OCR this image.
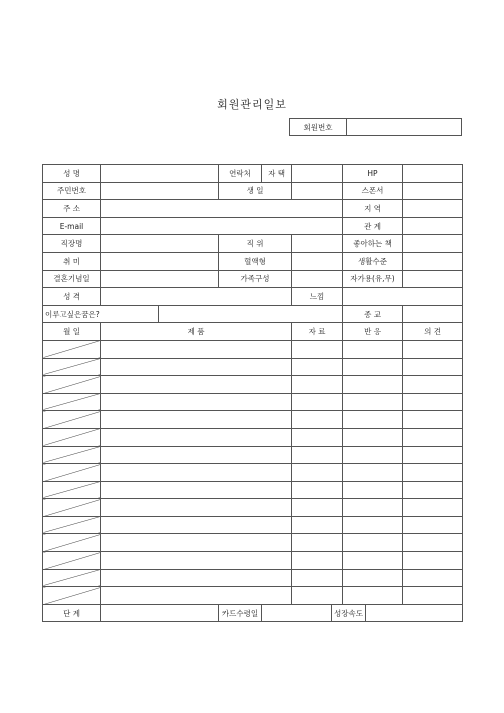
회원관리일보
회원번호	
성 명			연락처	자 택			HP		
주민번호			생 일				스폰서		
주 소							지 역		
E-mail							관 계		
직장명			직 위				좋아하는 책		
취 미			혈액형				생활수준		
결혼기념일			가족구성				자가용(유,무)		
성 격					느낌				
이루고싶은꿈은?							종 교		
월 일	제 품				자 료		반 응		의 견

단 계			카드수령일			성장속도			
